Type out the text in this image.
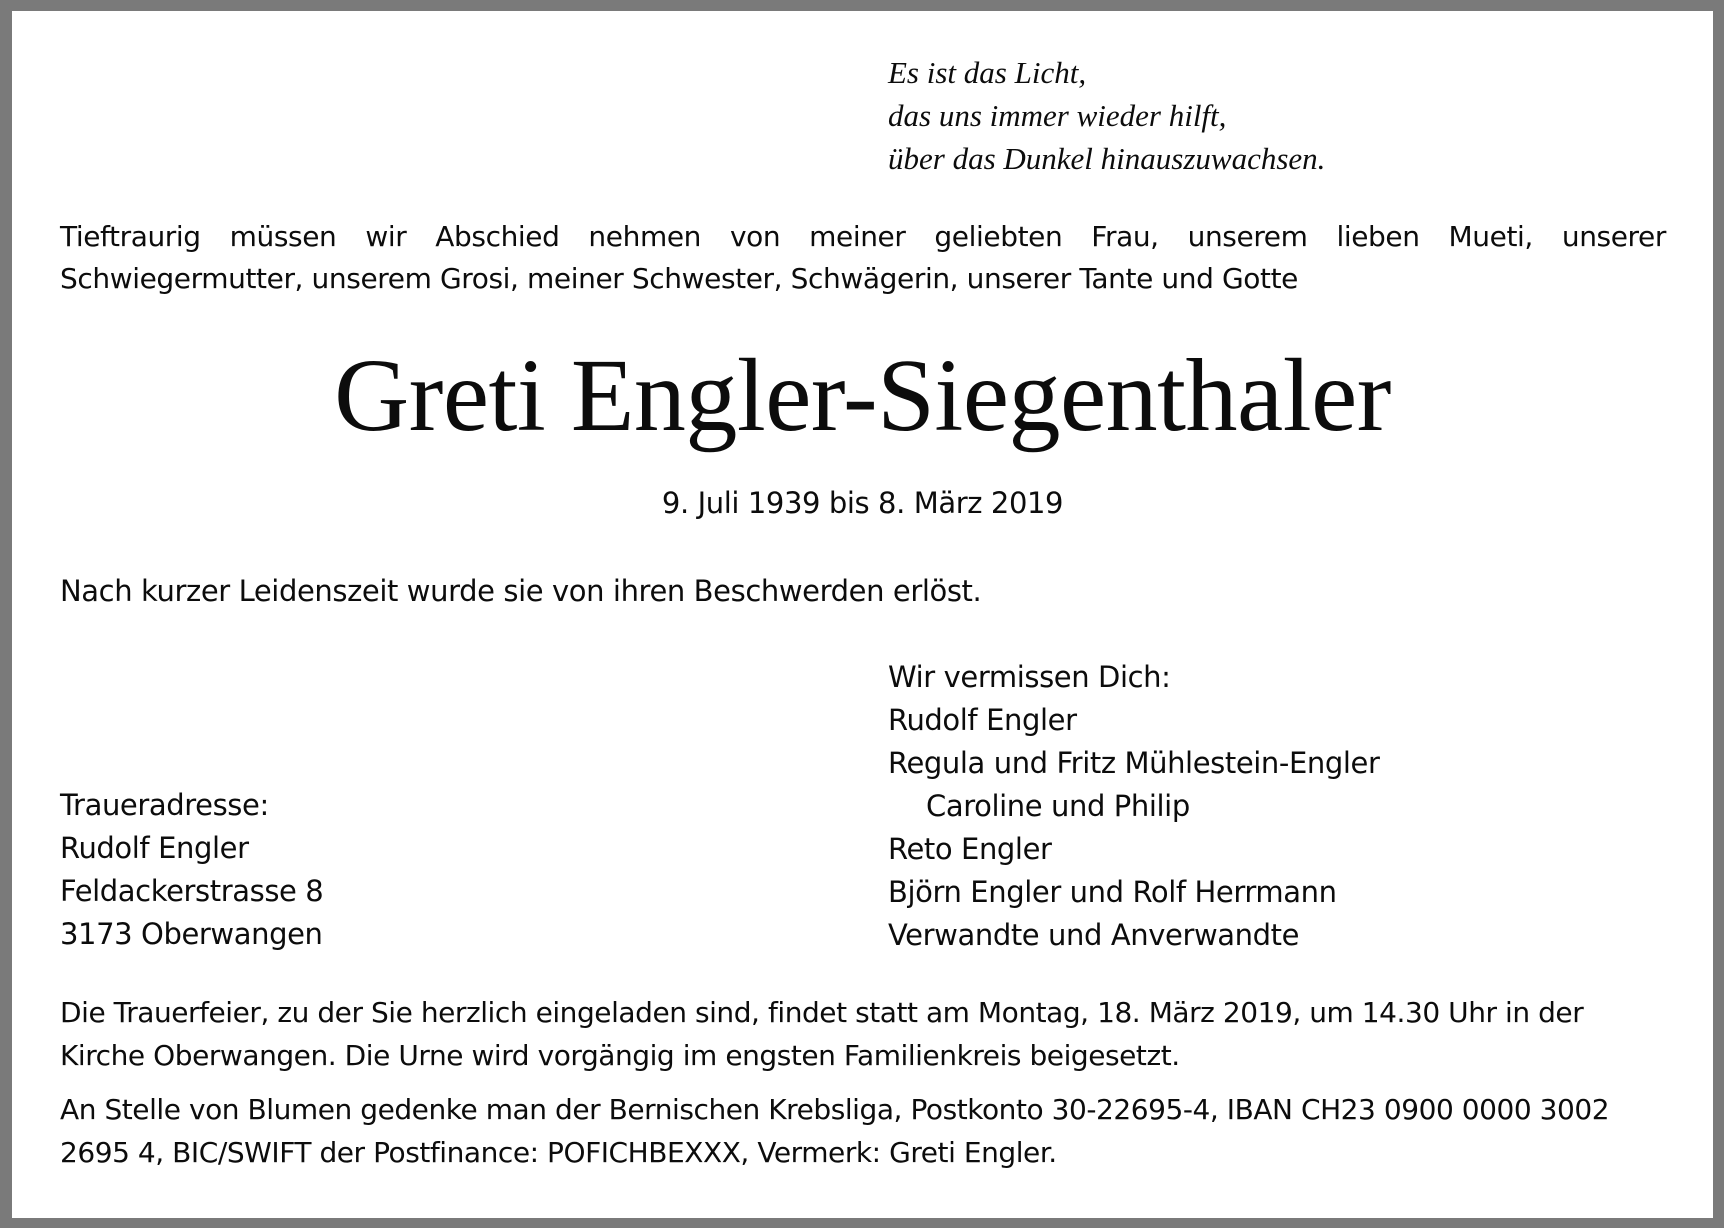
Es ist das Licht,
das uns immer wieder hilft,
über das Dunkel hinauszuwachsen.
Tieftraurig müssen wir Abschied nehmen von meiner geliebten Frau, unserem lieben Mueti, unserer Schwiegermutter, unserem Grosi, meiner Schwester, Schwägerin, unserer Tante und Gotte
Greti Engler-Siegenthaler
9. Juli 1939 bis 8. März 2019
Nach kurzer Leidenszeit wurde sie von ihren Beschwerden erlöst.
Wir vermissen Dich:
Rudolf Engler
Regula und Fritz Mühlestein-Engler
Caroline und Philip
Reto Engler
Björn Engler und Rolf Herrmann
Verwandte und Anverwandte
Traueradresse:
Rudolf Engler
Feldackerstrasse 8
3173 Oberwangen
Die Trauerfeier, zu der Sie herzlich eingeladen sind, findet statt am Montag, 18. März 2019, um 14.30 Uhr in der Kirche Oberwangen. Die Urne wird vorgängig im engsten Familienkreis beigesetzt.
An Stelle von Blumen gedenke man der Bernischen Krebsliga, Postkonto 30-22695-4, IBAN CH23 0900 0000 3002 2695 4, BIC/SWIFT der Postfinance: POFICHBEXXX, Vermerk: Greti Engler.
